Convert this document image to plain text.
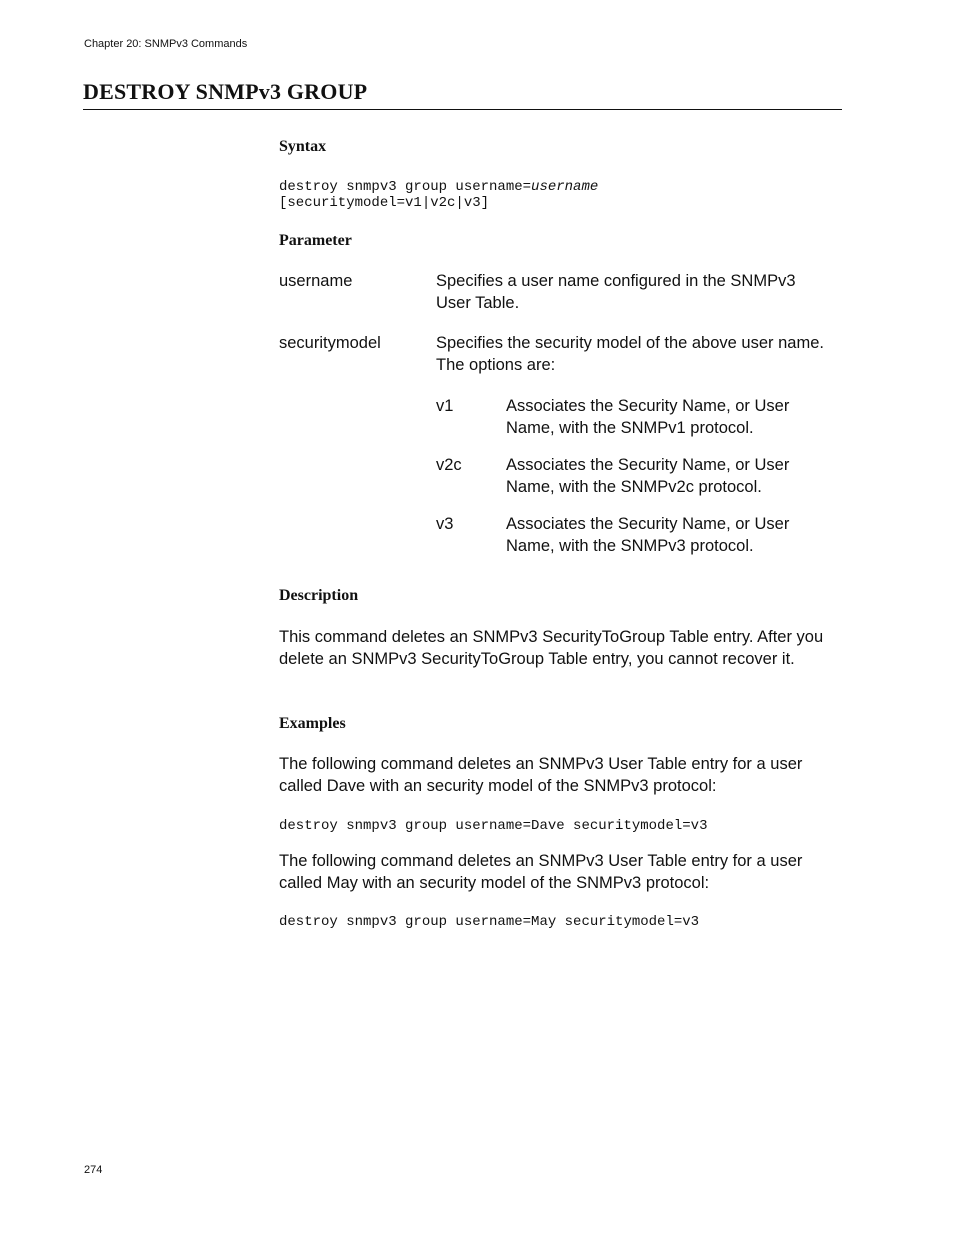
Chapter 20: SNMPv3 Commands
DESTROY SNMPv3 GROUP
Syntax
destroy snmpv3 group username=username
[securitymodel=v1|v2c|v3]
Parameter
username	Specifies a user name configured in the SNMPv3 User Table.
securitymodel	Specifies the security model of the above user name. The options are:
v1	Associates the Security Name, or User Name, with the SNMPv1 protocol.
v2c	Associates the Security Name, or User Name, with the SNMPv2c protocol.
v3	Associates the Security Name, or User Name, with the SNMPv3 protocol.
Description
This command deletes an SNMPv3 SecurityToGroup Table entry. After you delete an SNMPv3 SecurityToGroup Table entry, you cannot recover it.
Examples
The following command deletes an SNMPv3 User Table entry for a user called Dave with an security model of the SNMPv3 protocol:
destroy snmpv3 group username=Dave securitymodel=v3
The following command deletes an SNMPv3 User Table entry for a user called May with an security model of the SNMPv3 protocol:
destroy snmpv3 group username=May securitymodel=v3
274
